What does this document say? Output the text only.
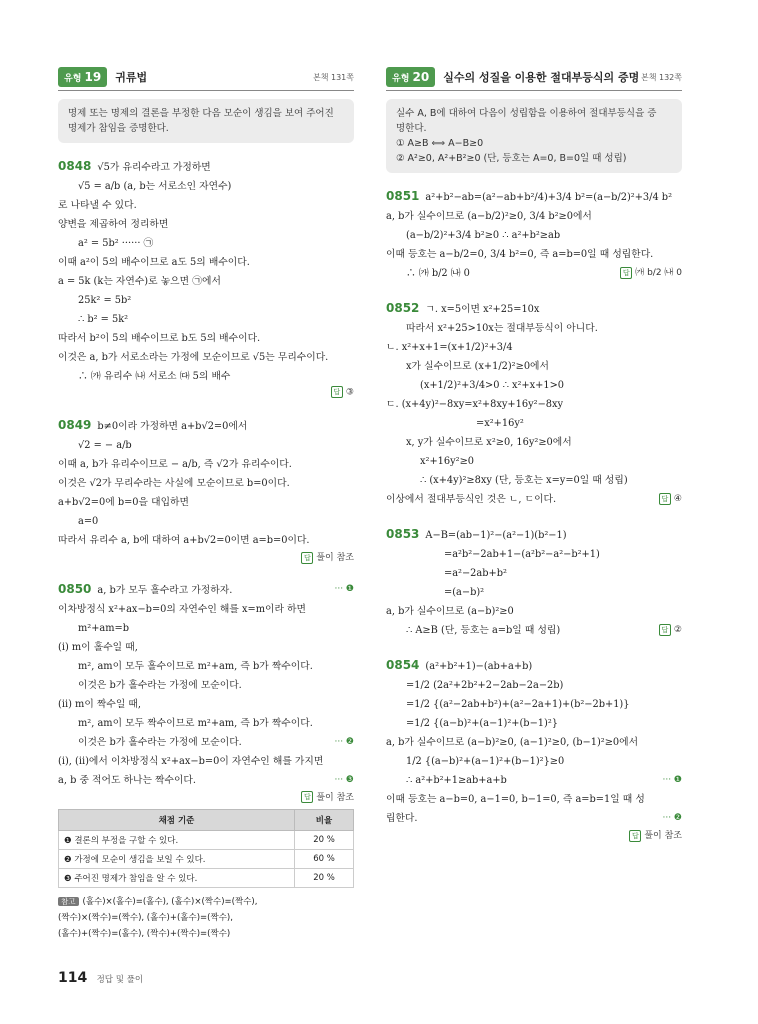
유형 19	귀류법	본책 131쪽
명제 또는 명제의 결론을 부정한 다음 모순이 생김을 보여 주어진
명제가 참임을 증명한다.
0848 √5가 유리수라고 가정하면
√5 = a/b (a, b는 서로소인 자연수)
로 나타낼 수 있다.
양변을 제곱하여 정리하면
a² = 5b² ······ ㉠
이때 a²이 5의 배수이므로 a도 5의 배수이다.
a = 5k (k는 자연수)로 놓으면 ㉠에서
25k² = 5b²
∴ b² = 5k²
따라서 b²이 5의 배수이므로 b도 5의 배수이다.
이것은 a, b가 서로소라는 가정에 모순이므로 √5는 무리수이다.
∴ ㈎ 유리수 ㈏ 서로소 ㈐ 5의 배수
답 ③
0849 b≠0이라 가정하면 a+b√2=0에서
√2 = − a/b
이때 a, b가 유리수이므로 − a/b, 즉 √2가 유리수이다.
이것은 √2가 무리수라는 사실에 모순이므로 b=0이다.
a+b√2=0에 b=0을 대입하면
a=0
따라서 유리수 a, b에 대하여 a+b√2=0이면 a=b=0이다.
답 풀이 참조
0850 a, b가 모두 홀수라고 가정하자.	··· ❶
이차방정식 x²+ax−b=0의 자연수인 해를 x=m이라 하면
m²+am=b
(i) m이 홀수일 때,
m², am이 모두 홀수이므로 m²+am, 즉 b가 짝수이다.
이것은 b가 홀수라는 가정에 모순이다.
(ii) m이 짝수일 때,
m², am이 모두 짝수이므로 m²+am, 즉 b가 짝수이다.
이것은 b가 홀수라는 가정에 모순이다.	··· ❷
(i), (ii)에서 이차방정식 x²+ax−b=0이 자연수인 해를 가지면
a, b 중 적어도 하나는 짝수이다.	··· ❸
답 풀이 참조
채점 기준	비율
❶ 결론의 부정을 구할 수 있다.	20 %
❷ 가정에 모순이 생김을 보일 수 있다.	60 %
❸ 주어진 명제가 참임을 알 수 있다.	20 %
참고 (홀수)×(홀수)=(홀수), (홀수)×(짝수)=(짝수),
(짝수)×(짝수)=(짝수), (홀수)+(홀수)=(짝수),
(홀수)+(짝수)=(홀수), (짝수)+(짝수)=(짝수)
유형 20	실수의 성질을 이용한 절대부등식의 증명 본책 132쪽
실수 A, B에 대하여 다음이 성립함을 이용하여 절대부등식을 증
명한다.
① A≥B ⟺ A−B≥0
② A²≥0, A²+B²≥0 (단, 등호는 A=0, B=0일 때 성립)
0851 a²+b²−ab=(a²−ab+b²/4)+3/4 b²=(a−b/2)²+3/4 b²
a, b가 실수이므로 (a−b/2)²≥0, 3/4 b²≥0에서
(a−b/2)²+3/4 b²≥0 ∴ a²+b²≥ab
이때 등호는 a−b/2=0, 3/4 b²=0, 즉 a=b=0일 때 성립한다.
∴ ㈎ b/2 ㈏ 0	답 ㈎ b/2 ㈏ 0
0852 ㄱ. x=5이면 x²+25=10x
따라서 x²+25>10x는 절대부등식이 아니다.
ㄴ. x²+x+1=(x+1/2)²+3/4
x가 실수이므로 (x+1/2)²≥0에서
(x+1/2)²+3/4>0 ∴ x²+x+1>0
ㄷ. (x+4y)²−8xy=x²+8xy+16y²−8xy
=x²+16y²
x, y가 실수이므로 x²≥0, 16y²≥0에서
x²+16y²≥0
∴ (x+4y)²≥8xy (단, 등호는 x=y=0일 때 성립)
이상에서 절대부등식인 것은 ㄴ, ㄷ이다.	답 ④
0853 A−B=(ab−1)²−(a²−1)(b²−1)
=a²b²−2ab+1−(a²b²−a²−b²+1)
=a²−2ab+b²
=(a−b)²
a, b가 실수이므로 (a−b)²≥0
∴ A≥B (단, 등호는 a=b일 때 성립)	답 ②
0854 (a²+b²+1)−(ab+a+b)
=1/2 (2a²+2b²+2−2ab−2a−2b)
=1/2 {(a²−2ab+b²)+(a²−2a+1)+(b²−2b+1)}
=1/2 {(a−b)²+(a−1)²+(b−1)²}
a, b가 실수이므로 (a−b)²≥0, (a−1)²≥0, (b−1)²≥0에서
1/2 {(a−b)²+(a−1)²+(b−1)²}≥0
∴ a²+b²+1≥ab+a+b	··· ❶
이때 등호는 a−b=0, a−1=0, b−1=0, 즉 a=b=1일 때 성
립한다.	··· ❷
답 풀이 참조
114 정답 및 풀이
